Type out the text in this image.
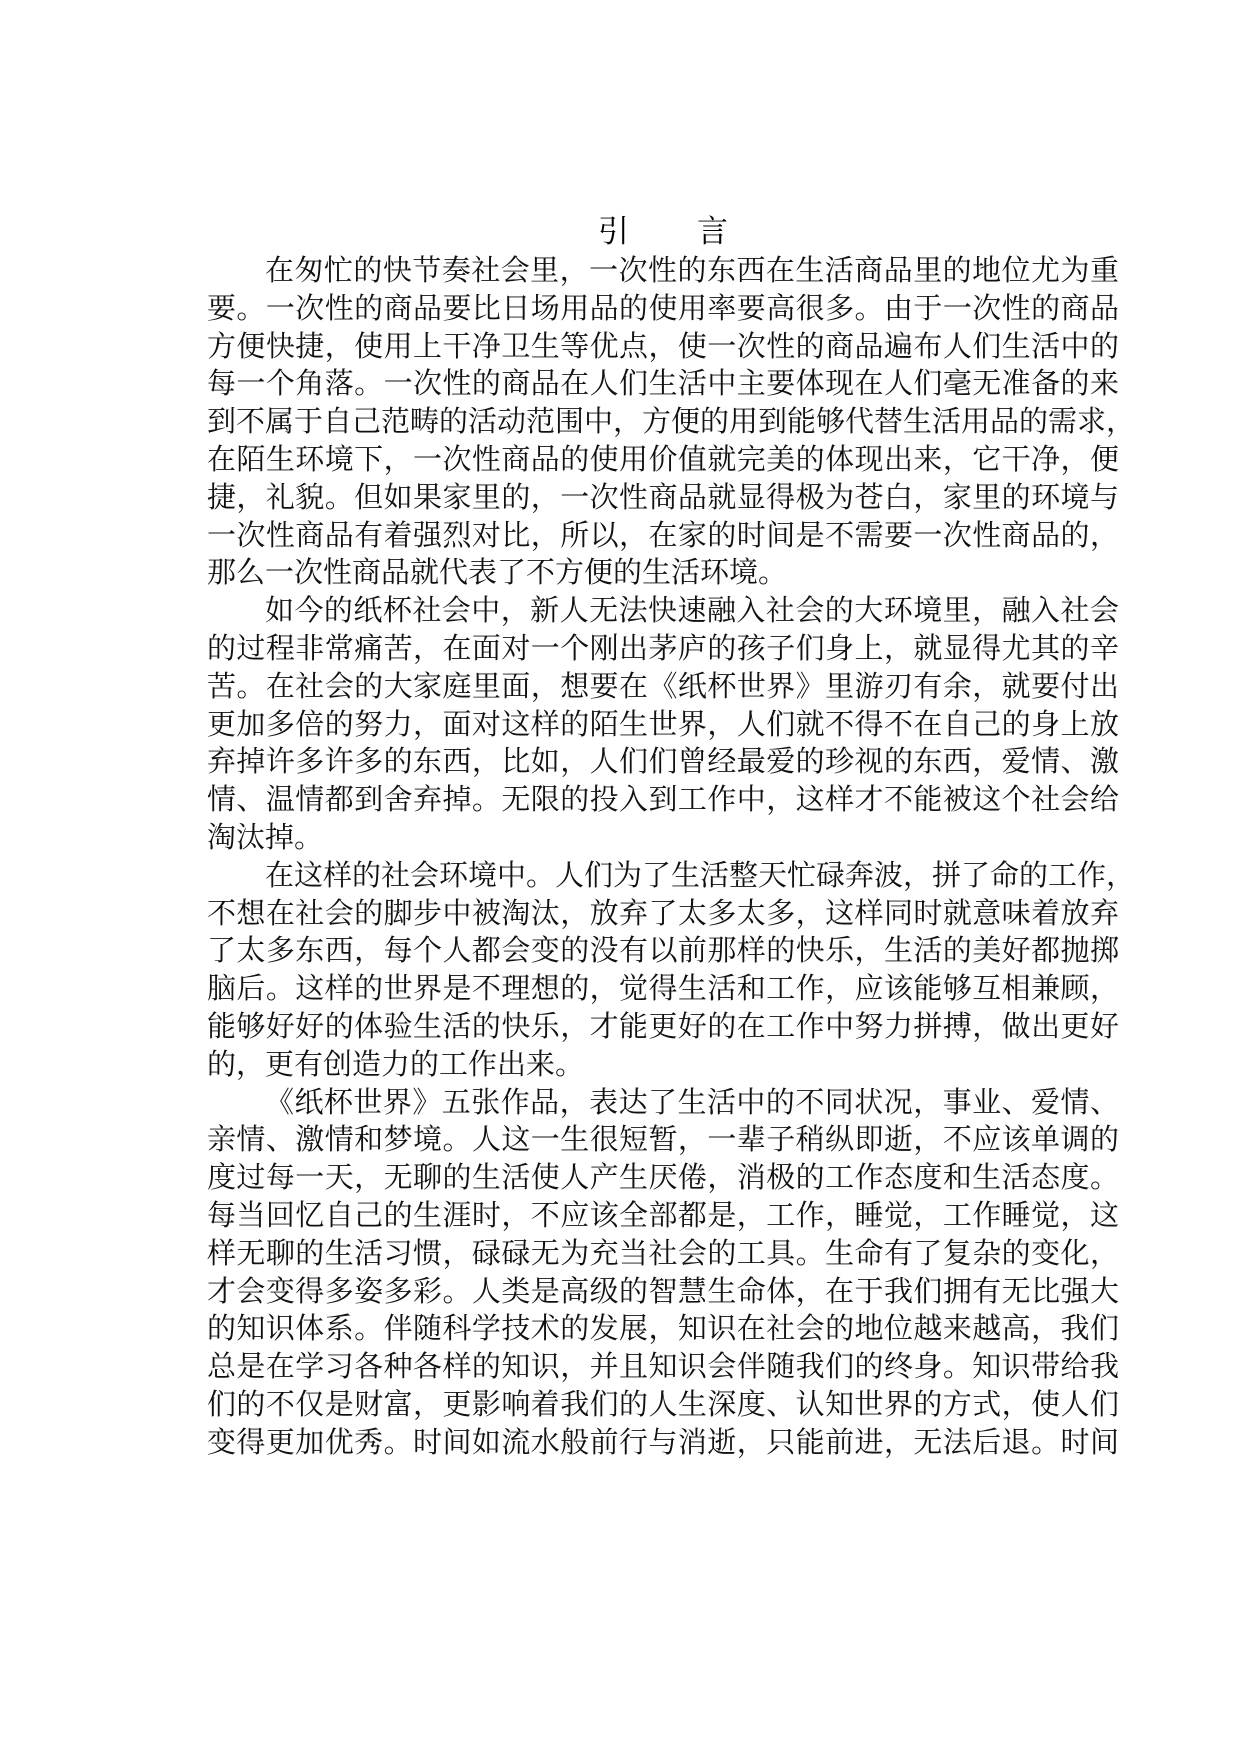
引 言
在匆忙的快节奏社会里，一次性的东西在生活商品里的地位尤为重
要。一次性的商品要比日场用品的使用率要高很多。由于一次性的商品
方便快捷，使用上干净卫生等优点，使一次性的商品遍布人们生活中的
每一个角落。一次性的商品在人们生活中主要体现在人们毫无准备的来
到不属于自己范畴的活动范围中，方便的用到能够代替生活用品的需求，
在陌生环境下，一次性商品的使用价值就完美的体现出来，它干净，便
捷，礼貌。但如果家里的，一次性商品就显得极为苍白，家里的环境与
一次性商品有着强烈对比，所以，在家的时间是不需要一次性商品的，
那么一次性商品就代表了不方便的生活环境。
如今的纸杯社会中，新人无法快速融入社会的大环境里，融入社会
的过程非常痛苦，在面对一个刚出茅庐的孩子们身上，就显得尤其的辛
苦。在社会的大家庭里面，想要在《纸杯世界》里游刃有余，就要付出
更加多倍的努力，面对这样的陌生世界，人们就不得不在自己的身上放
弃掉许多许多的东西，比如，人们们曾经最爱的珍视的东西，爱情、激
情、温情都到舍弃掉。无限的投入到工作中，这样才不能被这个社会给
淘汰掉。
在这样的社会环境中。人们为了生活整天忙碌奔波，拼了命的工作，
不想在社会的脚步中被淘汰，放弃了太多太多，这样同时就意味着放弃
了太多东西，每个人都会变的没有以前那样的快乐，生活的美好都抛掷
脑后。这样的世界是不理想的，觉得生活和工作，应该能够互相兼顾，
能够好好的体验生活的快乐，才能更好的在工作中努力拼搏，做出更好
的，更有创造力的工作出来。
《纸杯世界》五张作品，表达了生活中的不同状况，事业、爱情、
亲情、激情和梦境。人这一生很短暂，一辈子稍纵即逝，不应该单调的
度过每一天，无聊的生活使人产生厌倦，消极的工作态度和生活态度。
每当回忆自己的生涯时，不应该全部都是，工作，睡觉，工作睡觉，这
样无聊的生活习惯，碌碌无为充当社会的工具。生命有了复杂的变化，
才会变得多姿多彩。人类是高级的智慧生命体，在于我们拥有无比强大
的知识体系。伴随科学技术的发展，知识在社会的地位越来越高，我们
总是在学习各种各样的知识，并且知识会伴随我们的终身。知识带给我
们的不仅是财富，更影响着我们的人生深度、认知世界的方式，使人们
变得更加优秀。时间如流水般前行与消逝，只能前进，无法后退。时间
